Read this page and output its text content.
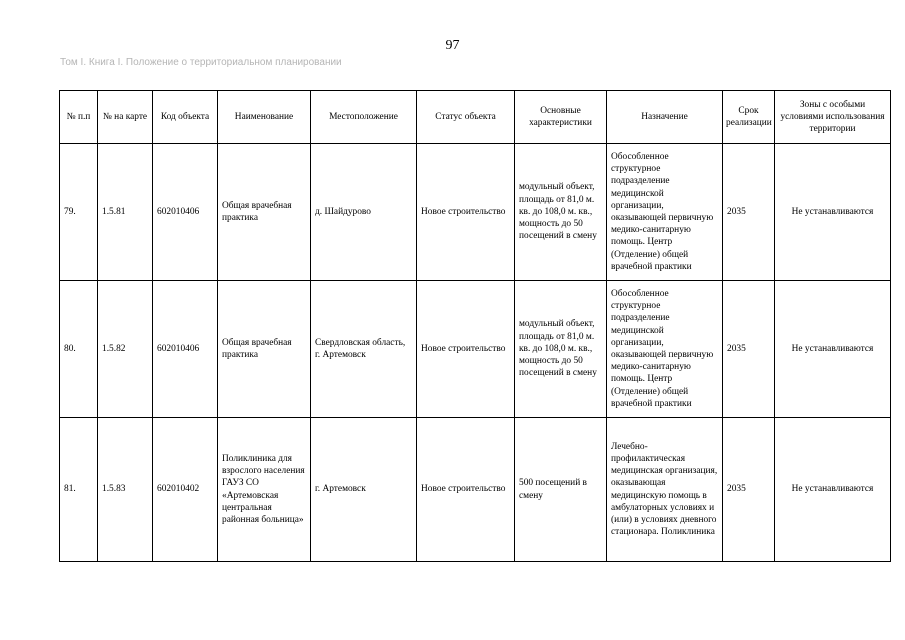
97
Том I. Книга I. Положение о территориальном планировании
№ п.п	№ на карте	Код объекта	Наименование	Местоположение	Статус объекта	Основные характеристики	Назначение	Срок реализации	Зоны с особыми условиями использования территории
79.	1.5.81	602010406	Общая врачебная практика	д. Шайдурово	Новое строительство	модульный объект, площадь от 81,0 м. кв. до 108,0 м. кв., мощность до 50 посещений в смену	Обособленное структурное подразделение медицинской организации, оказывающей первичную медико-санитарную помощь. Центр (Отделение) общей врачебной практики	2035	Не устанавливаются
80.	1.5.82	602010406	Общая врачебная практика	Свердловская область, г. Артемовск	Новое строительство	модульный объект, площадь от 81,0 м. кв. до 108,0 м. кв., мощность до 50 посещений в смену	Обособленное структурное подразделение медицинской организации, оказывающей первичную медико-санитарную помощь. Центр (Отделение) общей врачебной практики	2035	Не устанавливаются
81.	1.5.83	602010402	Поликлиника для взрослого населения ГАУЗ СО «Артемовская центральная районная больница»	г. Артемовск	Новое строительство	500 посещений в смену	Лечебно-профилактическая медицинская организация, оказывающая медицинскую помощь в амбулаторных условиях и (или) в условиях дневного стационара. Поликлиника	2035	Не устанавливаются
